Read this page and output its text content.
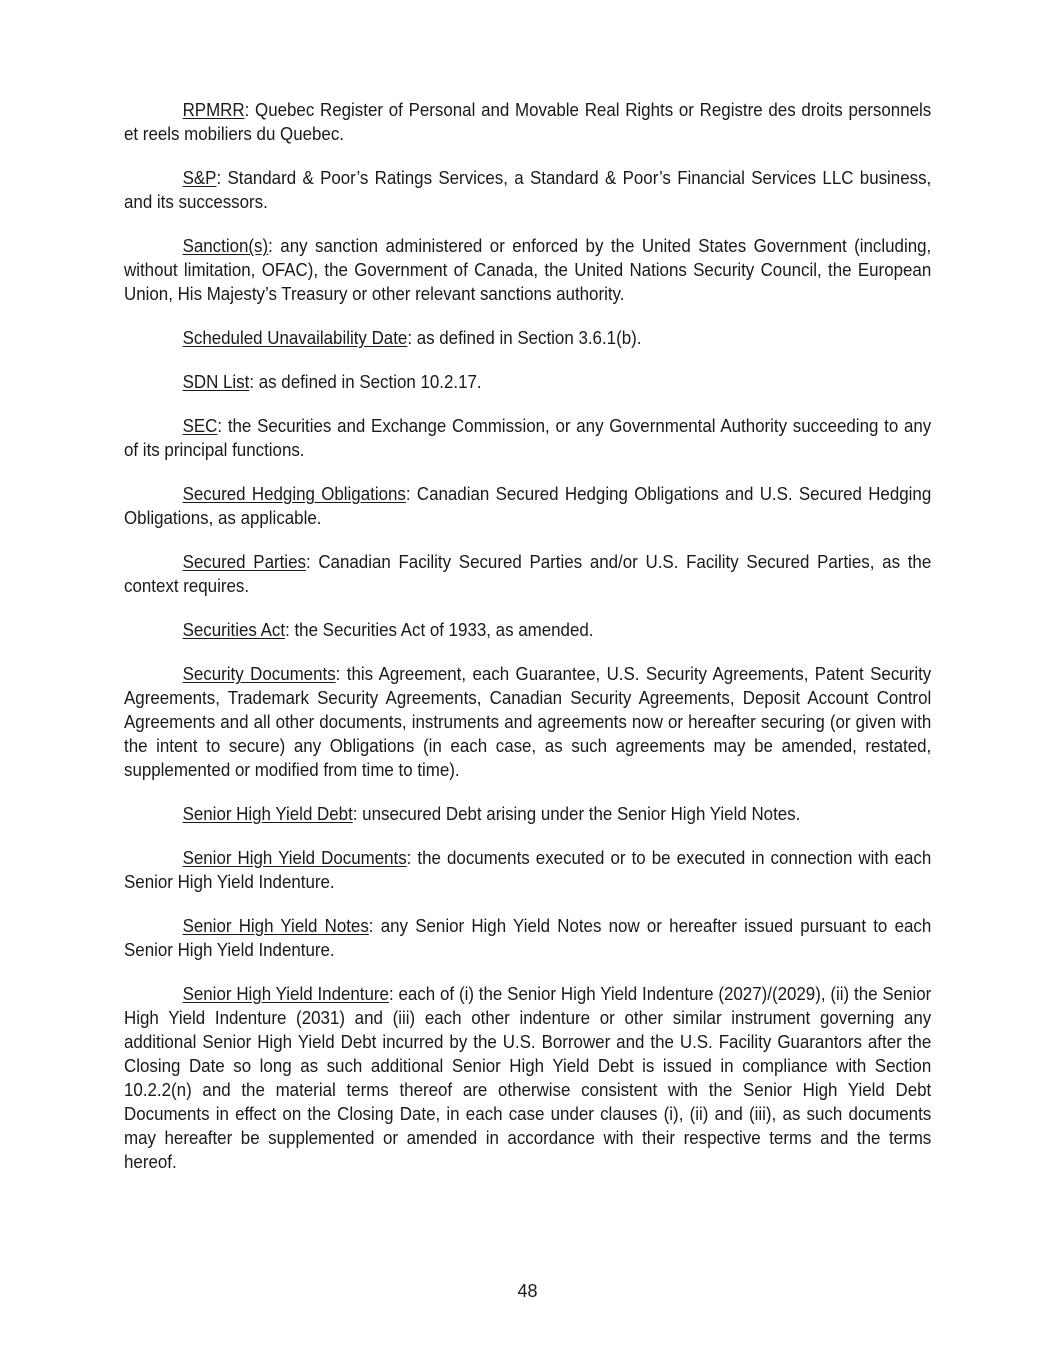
RPMRR: Quebec Register of Personal and Movable Real Rights or Registre des droits personnels et reels mobiliers du Quebec.

S&P: Standard & Poor’s Ratings Services, a Standard & Poor’s Financial Services LLC business, and its successors.

Sanction(s): any sanction administered or enforced by the United States Government (including, without limitation, OFAC), the Government of Canada, the United Nations Security Council, the European Union, His Majesty’s Treasury or other relevant sanctions authority.

Scheduled Unavailability Date: as defined in Section 3.6.1(b).

SDN List: as defined in Section 10.2.17.

SEC: the Securities and Exchange Commission, or any Governmental Authority succeeding to any of its principal functions.

Secured Hedging Obligations: Canadian Secured Hedging Obligations and U.S. Secured Hedging Obligations, as applicable.

Secured Parties: Canadian Facility Secured Parties and/or U.S. Facility Secured Parties, as the context requires.

Securities Act: the Securities Act of 1933, as amended.

Security Documents: this Agreement, each Guarantee, U.S. Security Agreements, Patent Security Agreements, Trademark Security Agreements, Canadian Security Agreements, Deposit Account Control Agreements and all other documents, instruments and agreements now or hereafter securing (or given with the intent to secure) any Obligations (in each case, as such agreements may be amended, restated, supplemented or modified from time to time).

Senior High Yield Debt: unsecured Debt arising under the Senior High Yield Notes.

Senior High Yield Documents: the documents executed or to be executed in connection with each Senior High Yield Indenture.

Senior High Yield Notes: any Senior High Yield Notes now or hereafter issued pursuant to each Senior High Yield Indenture.

Senior High Yield Indenture: each of (i) the Senior High Yield Indenture (2027)/(2029), (ii) the Senior High Yield Indenture (2031) and (iii) each other indenture or other similar instrument governing any additional Senior High Yield Debt incurred by the U.S. Borrower and the U.S. Facility Guarantors after the Closing Date so long as such additional Senior High Yield Debt is issued in compliance with Section 10.2.2(n) and the material terms thereof are otherwise consistent with the Senior High Yield Debt Documents in effect on the Closing Date, in each case under clauses (i), (ii) and (iii), as such documents may hereafter be supplemented or amended in accordance with their respective terms and the terms hereof.

48
